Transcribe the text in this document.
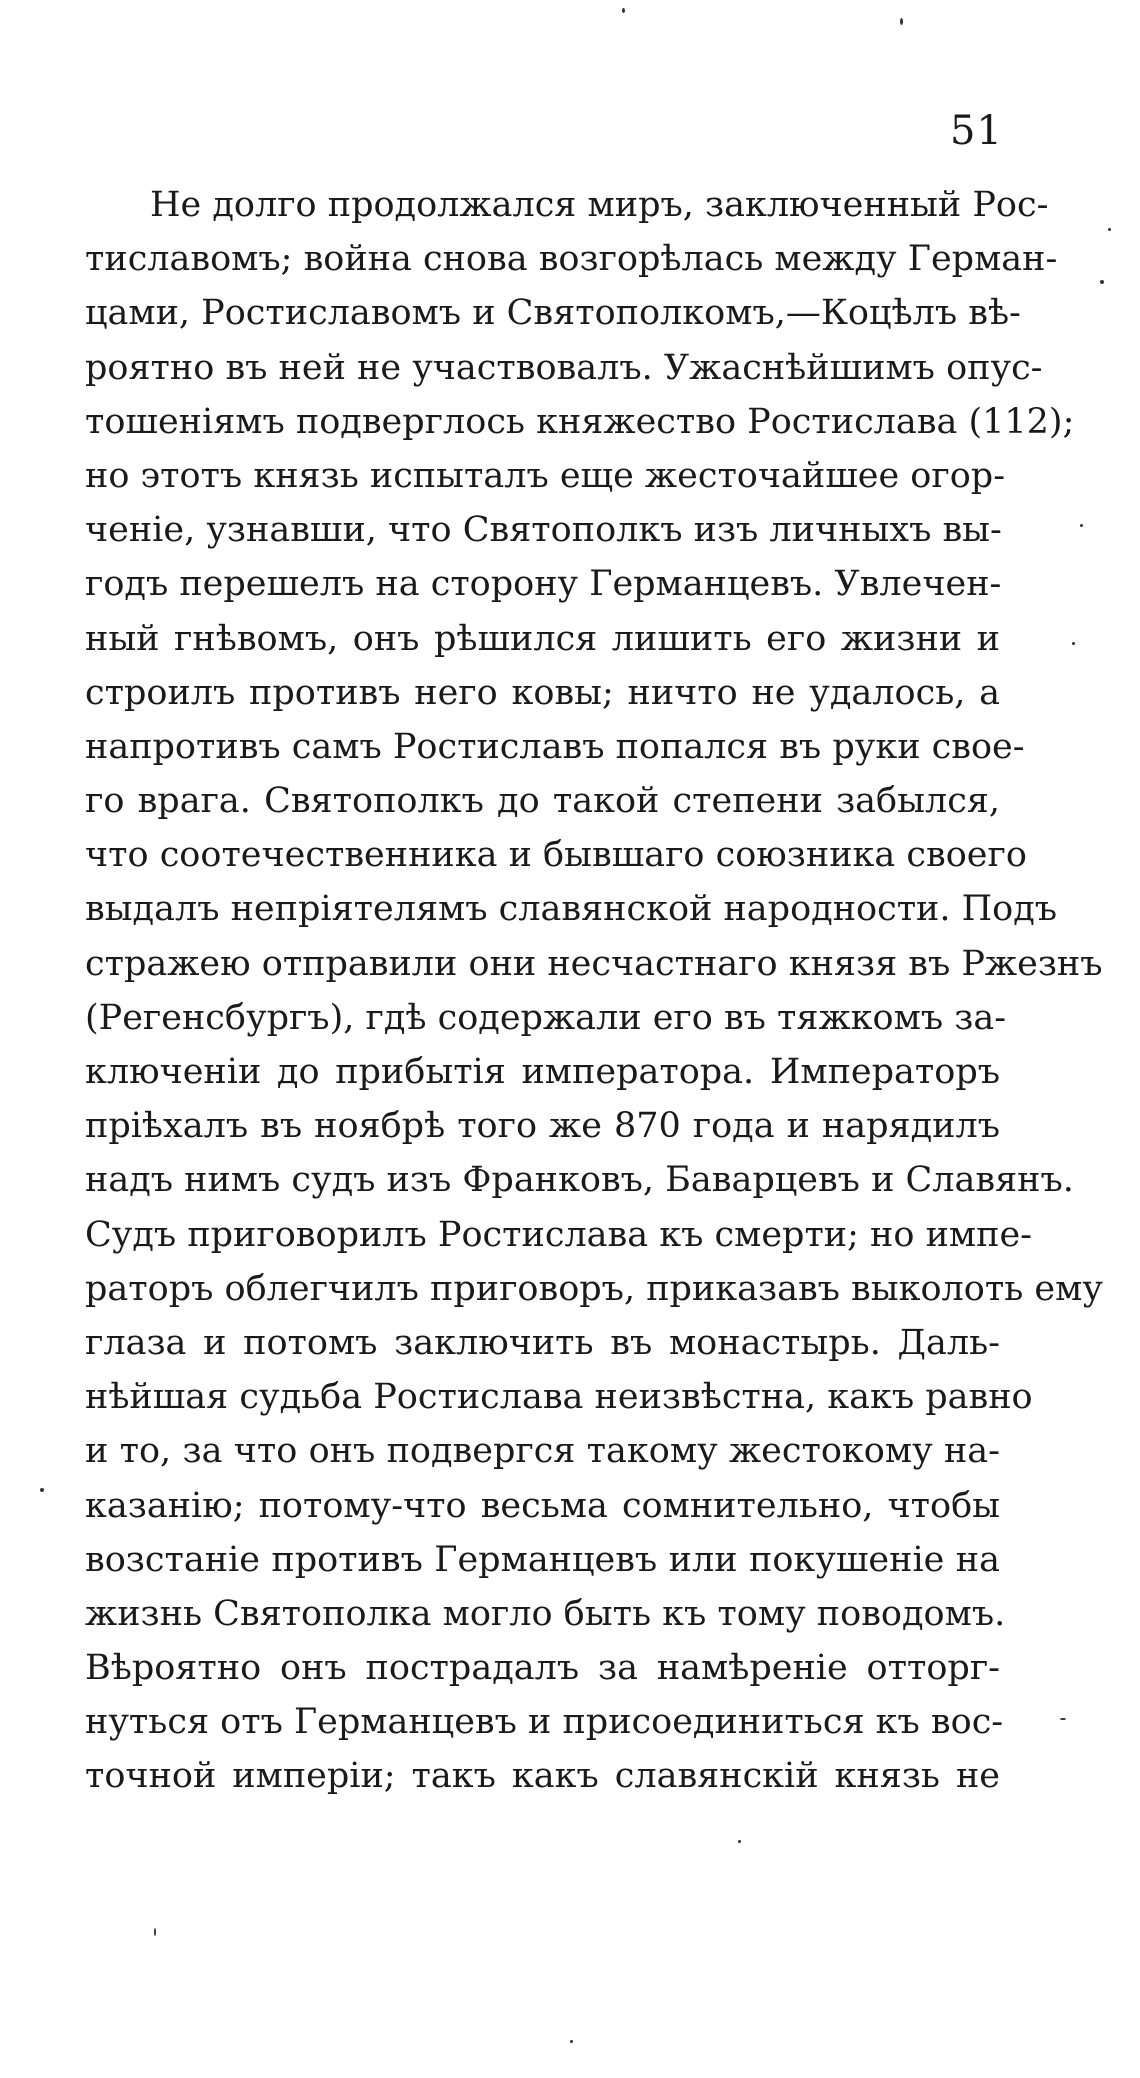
51
Не долго продолжался миръ, заключенный Рос-
тиславомъ; война снова возгорѣлась между Герман-
цами, Ростиславомъ и Святополкомъ,—Коцѣлъ вѣ-
роятно въ ней не участвовалъ. Ужаснѣйшимъ опус-
тошеніямъ подверглось княжество Ростислава (112);
но этотъ князь испыталъ еще жесточайшее огор-
ченіе, узнавши, что Святополкъ изъ личныхъ вы-
годъ перешелъ на сторону Германцевъ. Увлечен-
ный гнѣвомъ, онъ рѣшился лишить его жизни и
строилъ противъ него ковы; ничто не удалось, а
напротивъ самъ Ростиславъ попался въ руки свое-
го врага. Святополкъ до такой степени забылся,
что соотечественника и бывшаго союзника своего
выдалъ непріятелямъ славянской народности. Подъ
стражею отправили они несчастнаго князя въ Ржезнъ
(Регенсбургъ), гдѣ содержали его въ тяжкомъ за-
ключеніи до прибытія императора. Императоръ
пріѣхалъ въ ноябрѣ того же 870 года и нарядилъ
надъ нимъ судъ изъ Франковъ, Баварцевъ и Славянъ.
Судъ приговорилъ Ростислава къ смерти; но импе-
раторъ облегчилъ приговоръ, приказавъ выколоть ему
глаза и потомъ заключить въ монастырь. Даль-
нѣйшая судьба Ростислава неизвѣстна, какъ равно
и то, за что онъ подвергся такому жестокому на-
казанію; потому-что весьма сомнительно, чтобы
возстаніе противъ Германцевъ или покушеніе на
жизнь Святополка могло быть къ тому поводомъ.
Вѣроятно онъ пострадалъ за намѣреніе отторг-
нуться отъ Германцевъ и присоединиться къ вос-
точной имперіи; такъ какъ славянскій князь не
